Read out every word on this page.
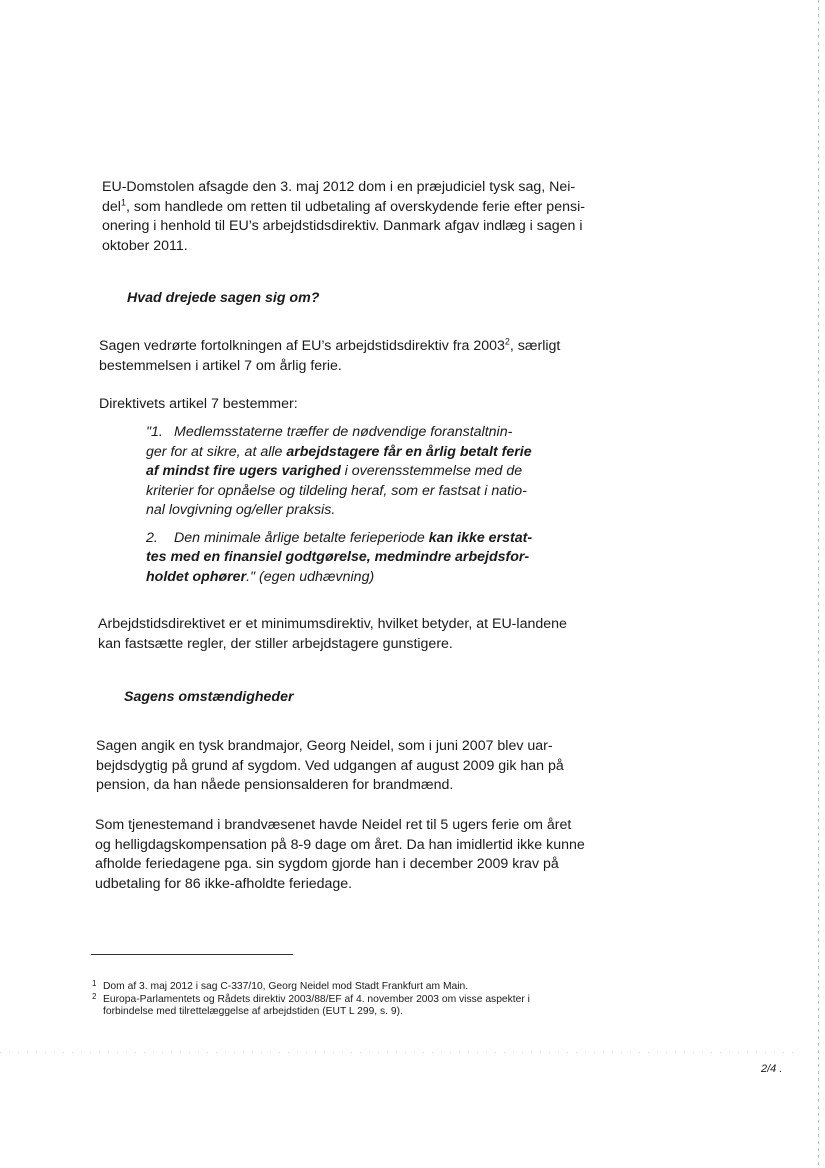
EU-Domstolen afsagde den 3. maj 2012 dom i en præjudiciel tysk sag, Nei-

del$^1$, som handlede om retten til udbetaling af overskydende ferie efter pensi-

onering i henhold til EU’s arbejdstidsdirektiv. Danmark afgav indlæg i sagen i

oktober 2011.

Hvad drejede sagen sig om?

Sagen vedrørte fortolkningen af EU’s arbejdstidsdirektiv fra 2003$^2$, særligt

bestemmelsen i artikel 7 om årlig ferie.

Direktivets artikel 7 bestemmer:

"1. Medlemsstaterne træffer de nødvendige foranstaltnin-

ger for at sikre, at alle arbejdstagere får en årlig betalt ferie

af mindst fire ugers varighed i overensstemmelse med de

kriterier for opnåelse og tildeling heraf, som er fastsat i natio-

nal lovgivning og/eller praksis.

2. Den minimale årlige betalte ferieperiode kan ikke erstat-

tes med en finansiel godtgørelse, medmindre arbejdsfor-

holdet ophører." (egen udhævning)

Arbejdstidsdirektivet er et minimumsdirektiv, hvilket betyder, at EU-landene

kan fastsætte regler, der stiller arbejdstagere gunstigere.

Sagens omstændigheder

Sagen angik en tysk brandmajor, Georg Neidel, som i juni 2007 blev uar-

bejdsdygtig på grund af sygdom. Ved udgangen af august 2009 gik han på

pension, da han nåede pensionsalderen for brandmænd.

Som tjenestemand i brandvæsenet havde Neidel ret til 5 ugers ferie om året

og helligdagskompensation på 8-9 dage om året. Da han imidlertid ikke kunne

afholde feriedagene pga. sin sygdom gjorde han i december 2009 krav på

udbetaling for 86 ikke-afholdte feriedage.

1 Dom af 3. maj 2012 i sag C-337/10, Georg Neidel mod Stadt Frankfurt am Main.
2 Europa-Parlamentets og Rådets direktiv 2003/88/EF af 4. november 2003 om visse aspekter i
forbindelse med tilrettelæggelse af arbejdstiden (EUT L 299, s. 9).
2/4 .
